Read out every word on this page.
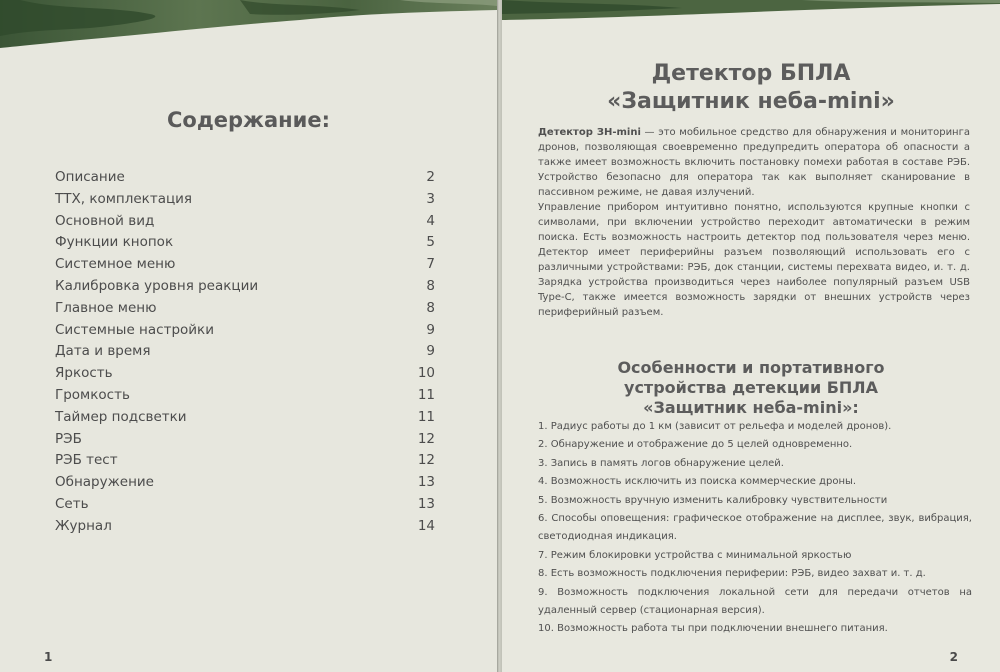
Содержание:
Описание	2
ТТХ, комплектация	3
Основной вид	4
Функции кнопок	5
Системное меню	7
Калибровка уровня реакции	8
Главное меню	8
Системные настройки	9
Дата и время	9
Яркость	10
Громкость	11
Таймер подсветки	11
РЭБ	12
РЭБ тест	12
Обнаружение	13
Сеть	13
Журнал	14
1
Детектор БПЛА
«Защитник неба-mini»

Детектор ЗН-mini — это мобильное средство для обнаружения и мониторинга дронов, позволяющая своевременно предупредить оператора об опасности а также имеет возможность включить постановку помехи работая в составе РЭБ. Устройство безопасно для оператора так как выполняет сканирование в пассивном режиме, не давая излучений.

Управление прибором интуитивно понятно, используются крупные кнопки с символами, при включении устройство переходит автоматически в режим поиска. Есть возможность настроить детектор под пользователя через меню. Детектор имеет периферийны разъем позволяющий использовать его с различными устройствами: РЭБ, док станции, системы перехвата видео, и. т. д. Зарядка устройства производиться через наиболее популярный разъем USB Type-C, также имеется возможность зарядки от внешних устройств через периферийный разъем.

Особенности и портативного
устройства детекции БПЛА
«Защитник неба-mini»:
1. Радиус работы до 1 км (зависит от рельефа и моделей дронов).
2. Обнаружение и отображение до 5 целей одновременно.
3. Запись в память логов обнаружение целей.
4. Возможность исключить из поиска коммерческие дроны.
5. Возможность вручную изменить калибровку чувствительности
6. Способы оповещения: графическое отображение на дисплее, звук, вибрация, светодиодная индикация.
7. Режим блокировки устройства с минимальной яркостью
8. Есть возможность подключения периферии: РЭБ, видео захват и. т. д.
9. Возможность подключения локальной сети для передачи отчетов на удаленный сервер (стационарная версия).
10. Возможность работа ты при подключении внешнего питания.
2
